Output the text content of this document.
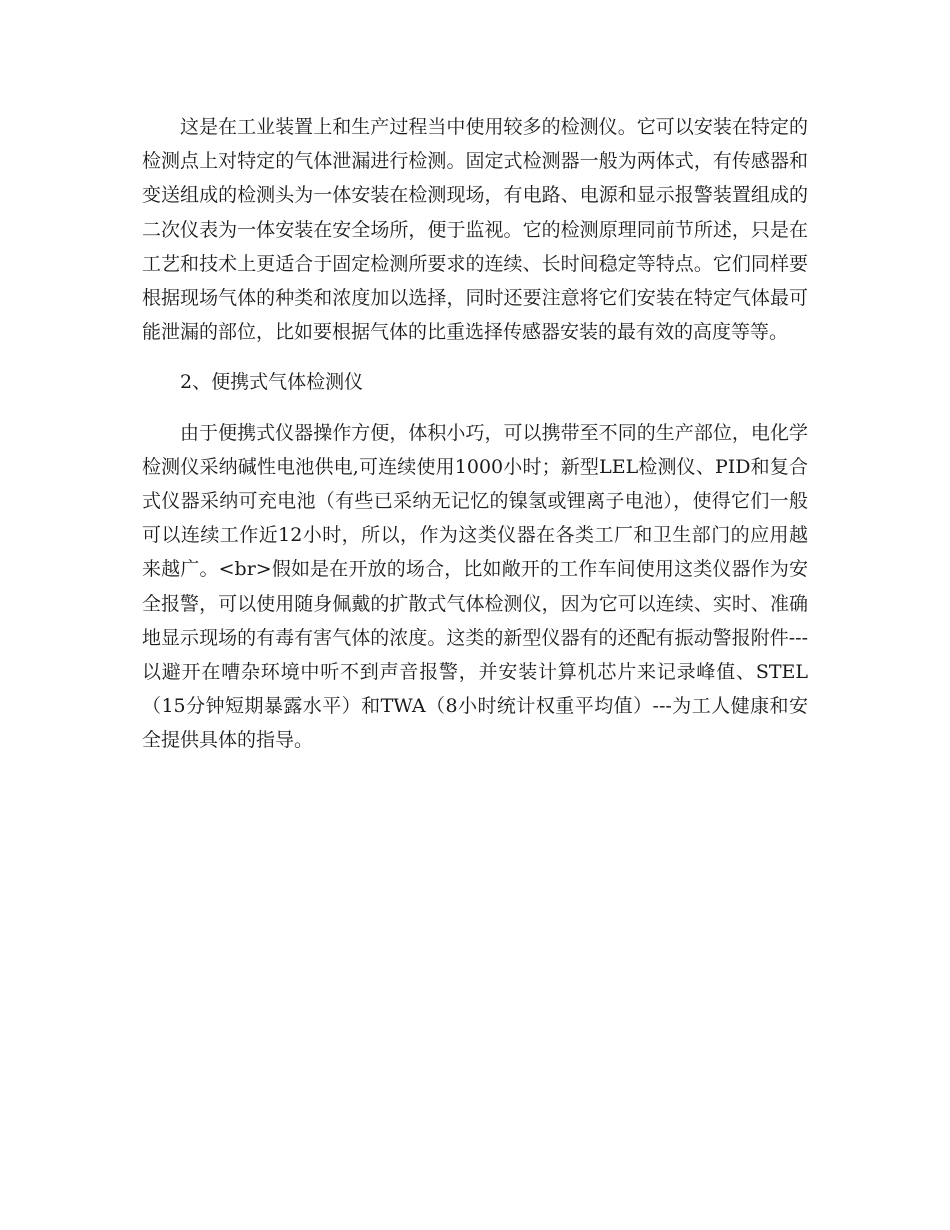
这是在工业装置上和生产过程当中使用较多的检测仪。它可以安装在特定的检测点上对特定的气体泄漏进行检测。固定式检测器一般为两体式，有传感器和变送组成的检测头为一体安装在检测现场，有电路、电源和显示报警装置组成的二次仪表为一体安装在安全场所，便于监视。它的检测原理同前节所述，只是在工艺和技术上更适合于固定检测所要求的连续、长时间稳定等特点。它们同样要根据现场气体的种类和浓度加以选择，同时还要注意将它们安装在特定气体最可能泄漏的部位，比如要根据气体的比重选择传感器安装的最有效的高度等等。

2、便携式气体检测仪

由于便携式仪器操作方便，体积小巧，可以携带至不同的生产部位，电化学检测仪采纳碱性电池供电,可连续使用1000小时；新型LEL检测仪、PID和复合式仪器采纳可充电池（有些已采纳无记忆的镍氢或锂离子电池），使得它们一般可以连续工作近12小时，所以，作为这类仪器在各类工厂和卫生部门的应用越来越广。<br>假如是在开放的场合，比如敞开的工作车间使用这类仪器作为安全报警，可以使用随身佩戴的扩散式气体检测仪，因为它可以连续、实时、准确地显示现场的有毒有害气体的浓度。这类的新型仪器有的还配有振动警报附件---以避开在嘈杂环境中听不到声音报警，并安装计算机芯片来记录峰值、STEL（15分钟短期暴露水平）和TWA（8小时统计权重平均值）---为工人健康和安全提供具体的指导。
